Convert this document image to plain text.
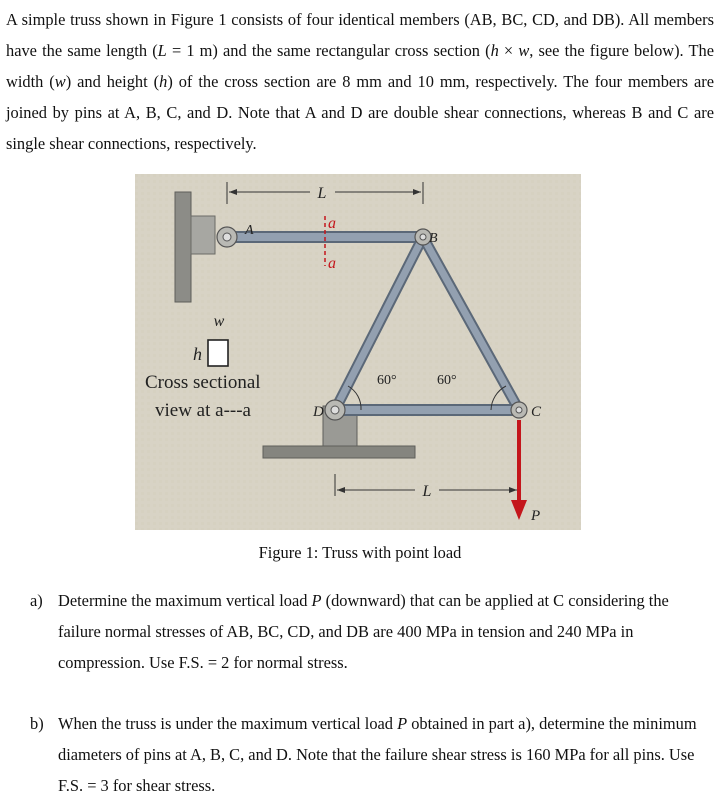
A simple truss shown in Figure 1 consists of four identical members (AB, BC, CD, and DB). All members have the same length (L = 1 m) and the same rectangular cross section (h × w, see the figure below). The width (w) and height (h) of the cross section are 8 mm and 10 mm, respectively. The four members are joined by pins at A, B, C, and D. Note that A and D are double shear connections, whereas B and C are single shear connections, respectively.
L
a
a
A
B
D	C
w
h
Cross sectional
view at a---a
60°	60°
L
P
Figure 1: Truss with point load
a) Determine the maximum vertical load P (downward) that can be applied at C considering the failure normal stresses of AB, BC, CD, and DB are 400 MPa in tension and 240 MPa in compression. Use F.S. = 2 for normal stress.
b) When the truss is under the maximum vertical load P obtained in part a), determine the minimum diameters of pins at A, B, C, and D. Note that the failure shear stress is 160 MPa for all pins. Use F.S. = 3 for shear stress.
